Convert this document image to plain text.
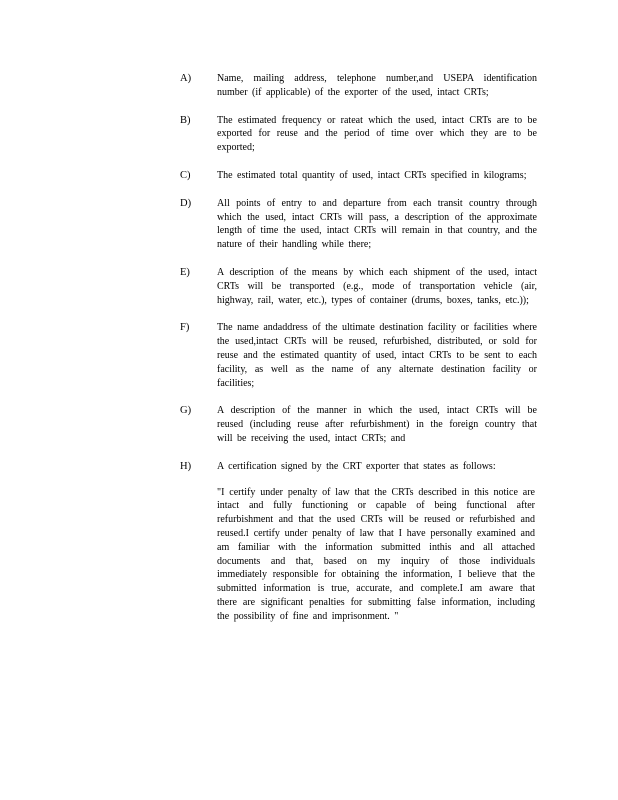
A)	Name, mailing address, telephone number,and USEPA identification number (if applicable) of the exporter of the used, intact CRTs;
B)	The estimated frequency or rateat which the used, intact CRTs are to be exported for reuse and the period of time over which they are to be exported;
C)	The estimated total quantity of used, intact CRTs specified in kilograms;
D)	All points of entry to and departure from each transit country through which the used, intact CRTs will pass, a description of the approximate length of time the used, intact CRTs will remain in that country, and the nature of their handling while there;
E)	A description of the means by which each shipment of the used, intact CRTs will be transported (e.g., mode of transportation vehicle (air, highway, rail, water, etc.), types of container (drums, boxes, tanks, etc.));
F)	The name andaddress of the ultimate destination facility or facilities where the used,intact CRTs will be reused, refurbished, distributed, or sold for reuse and the estimated quantity of used, intact CRTs to be sent to each facility, as well as the name of any alternate destination facility or facilities;
G)	A description of the manner in which the used, intact CRTs will be reused (including reuse after refurbishment) in the foreign country that will be receiving the used, intact CRTs; and
H)	A certification signed by the CRT exporter that states as follows:
"I certify under penalty of law that the CRTs described in this notice are intact and fully functioning or capable of being functional after refurbishment and that the used CRTs will be reused or refurbished and reused.I certify under penalty of law that I have personally examined and am familiar with the information submitted inthis and all attached documents and that, based on my inquiry of those individuals immediately responsible for obtaining the information, I believe that the submitted information is true, accurate, and complete.I am aware that there are significant penalties for submitting false information, including the possibility of fine and imprisonment. "
